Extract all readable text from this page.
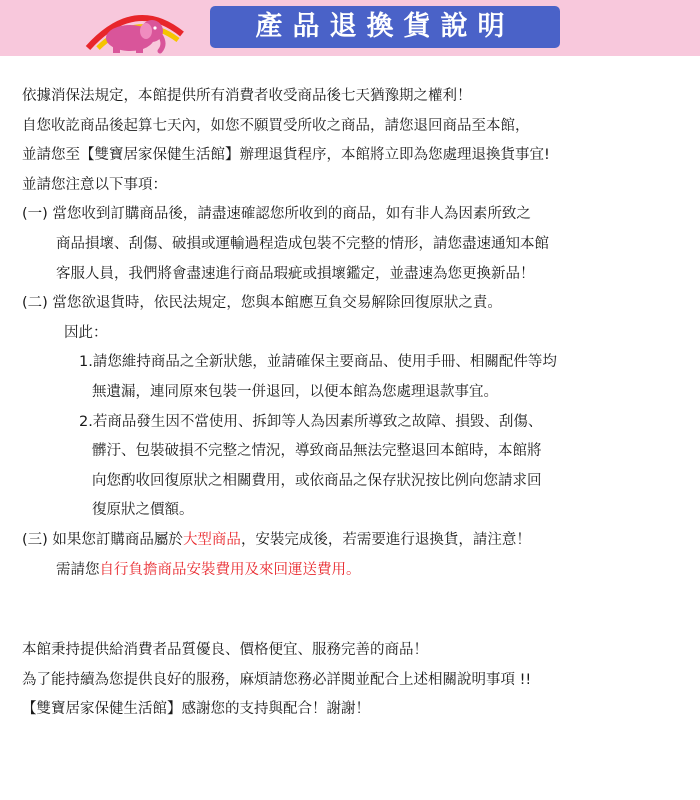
產品退換貨說明
依據消保法規定，本館提供所有消費者收受商品後七天猶豫期之權利！
自您收訖商品後起算七天內，如您不願買受所收之商品，請您退回商品至本館，
並請您至【雙寶居家保健生活館】辦理退貨程序，本館將立即為您處理退換貨事宜!
並請您注意以下事項：
(一) 當您收到訂購商品後，請盡速確認您所收到的商品，如有非人為因素所致之
商品損壞、刮傷、破損或運輸過程造成包裝不完整的情形，請您盡速通知本館
客服人員，我們將會盡速進行商品瑕疵或損壞鑑定，並盡速為您更換新品！
(二) 當您欲退貨時，依民法規定，您與本館應互負交易解除回復原狀之責。
因此：
1.請您維持商品之全新狀態，並請確保主要商品、使用手冊、相關配件等均
無遺漏，連同原來包裝一併退回，以便本館為您處理退款事宜。
2.若商品發生因不當使用、拆卸等人為因素所導致之故障、損毀、刮傷、
髒汙、包裝破損不完整之情況，導致商品無法完整退回本館時，本館將
向您酌收回復原狀之相關費用，或依商品之保存狀況按比例向您請求回
復原狀之價額。
(三) 如果您訂購商品屬於大型商品，安裝完成後，若需要進行退換貨，請注意！
需請您自行負擔商品安裝費用及來回運送費用。
本館秉持提供給消費者品質優良、價格便宜、服務完善的商品！
為了能持續為您提供良好的服務，麻煩請您務必詳閱並配合上述相關說明事項 !!
【雙寶居家保健生活館】感謝您的支持與配合！謝謝！
